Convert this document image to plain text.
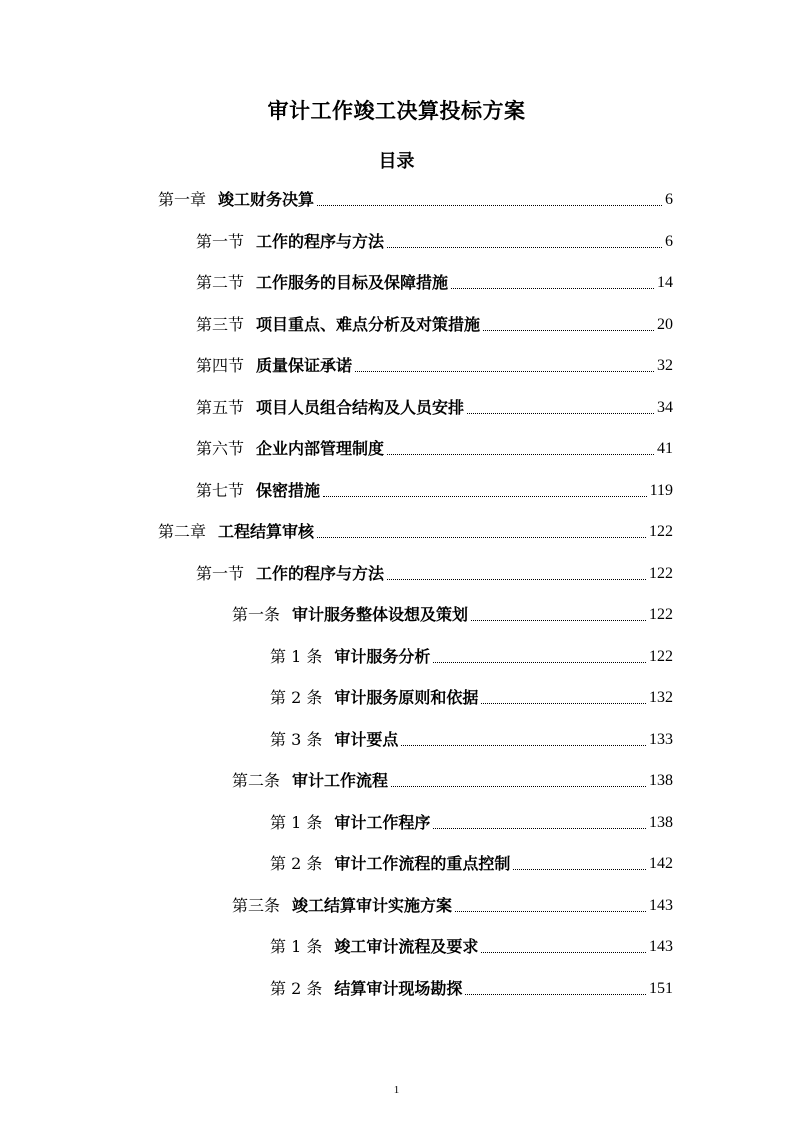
审计工作竣工决算投标方案
目录
第一章 竣工财务决算	6
第一节 工作的程序与方法	6
第二节 工作服务的目标及保障措施	14
第三节 项目重点、难点分析及对策措施	20
第四节 质量保证承诺	32
第五节 项目人员组合结构及人员安排	34
第六节 企业内部管理制度	41
第七节 保密措施	119
第二章 工程结算审核	122
第一节 工作的程序与方法	122
第一条 审计服务整体设想及策划	122
第 1 条 审计服务分析	122
第 2 条 审计服务原则和依据	132
第 3 条 审计要点	133
第二条 审计工作流程	138
第 1 条 审计工作程序	138
第 2 条 审计工作流程的重点控制	142
第三条 竣工结算审计实施方案	143
第 1 条 竣工审计流程及要求	143
第 2 条 结算审计现场勘探	151
1
